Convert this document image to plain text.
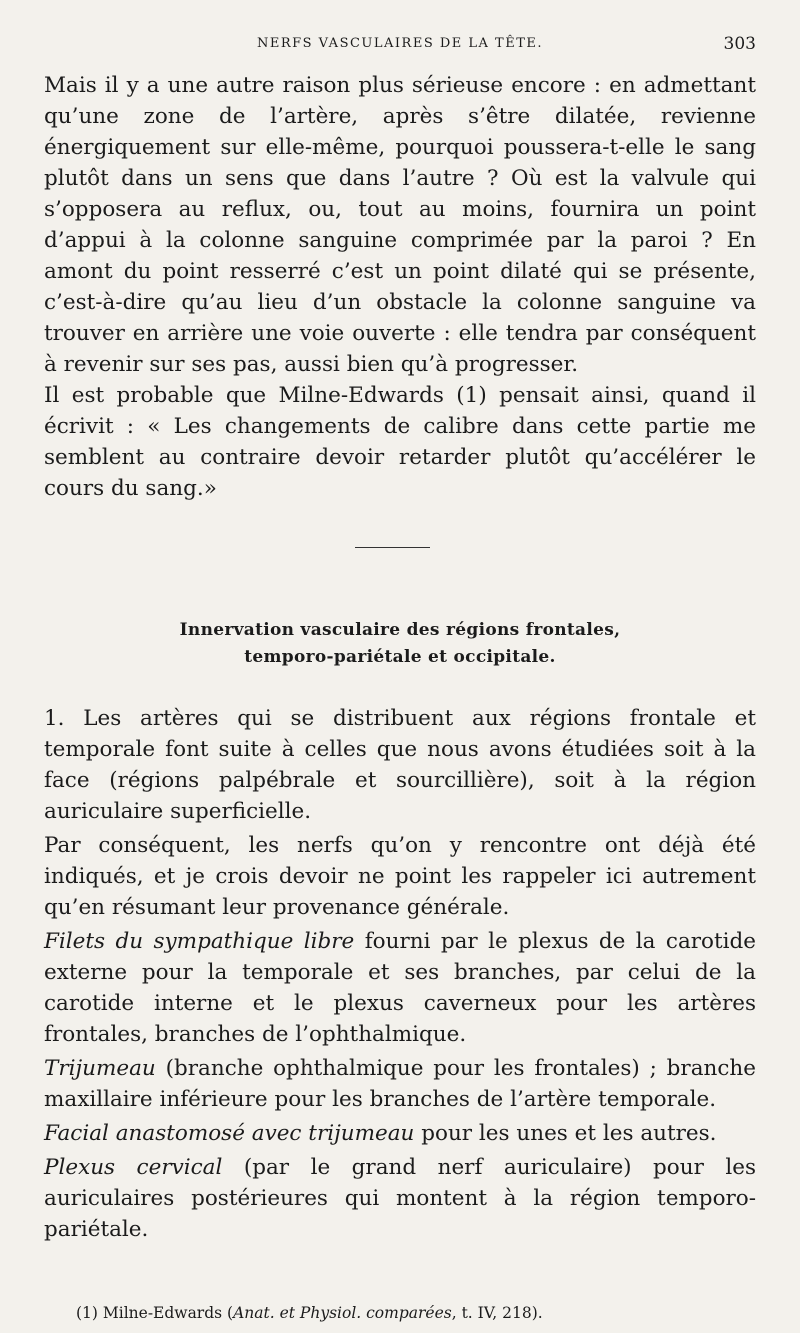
NERFS VASCULAIRES DE LA TÊTE.	303

Mais il y a une autre raison plus sérieuse encore : en admettant qu’une zone de l’artère, après s’être dilatée, revienne énergiquement sur elle-même, pourquoi poussera-t-elle le sang plutôt dans un sens que dans l’autre ? Où est la valvule qui s’opposera au reflux, ou, tout au moins, fournira un point d’appui à la colonne sanguine comprimée par la paroi ? En amont du point resserré c’est un point dilaté qui se présente, c’est-à-dire qu’au lieu d’un obstacle la colonne sanguine va trouver en arrière une voie ouverte : elle tendra par conséquent à revenir sur ses pas, aussi bien qu’à progresser.

Il est probable que Milne-Edwards (1) pensait ainsi, quand il écrivit : « Les changements de calibre dans cette partie me semblent au contraire devoir retarder plutôt qu’accélérer le cours du sang.»

Innervation vasculaire des régions frontales,
temporo-pariétale et occipitale.

1. Les artères qui se distribuent aux régions frontale et temporale font suite à celles que nous avons étudiées soit à la face (régions palpébrale et sourcillière), soit à la région auriculaire superficielle.

Par conséquent, les nerfs qu’on y rencontre ont déjà été indiqués, et je crois devoir ne point les rappeler ici autrement qu’en résumant leur provenance générale.

Filets du sympathique libre fourni par le plexus de la carotide externe pour la temporale et ses branches, par celui de la carotide interne et le plexus caverneux pour les artères frontales, branches de l’ophthalmique.

Trijumeau (branche ophthalmique pour les frontales) ; branche maxillaire inférieure pour les branches de l’artère temporale.

Facial anastomosé avec trijumeau pour les unes et les autres.

Plexus cervical (par le grand nerf auriculaire) pour les auriculaires postérieures qui montent à la région temporo-pariétale.

(1) Milne-Edwards (Anat. et Physiol. comparées, t. IV, 218).
